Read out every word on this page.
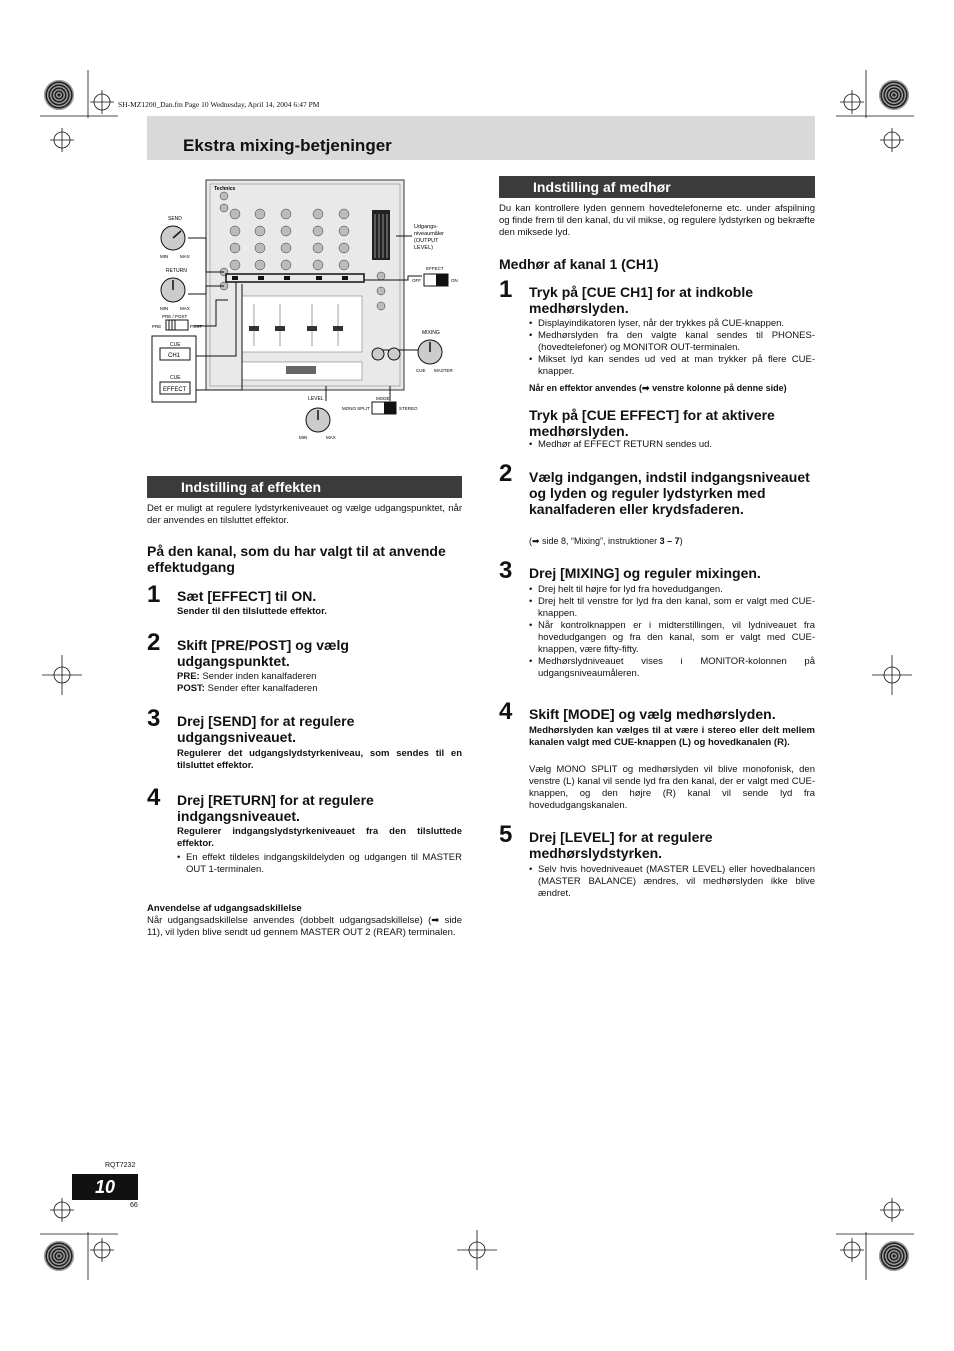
SH-MZ1200_Dan.fm Page 10 Wednesday, April 14, 2004 6:47 PM
Ekstra mixing-betjeninger
Technics
SEND
MIN	MAX
RETURN
MIN	MAX
PRE / POST
PRE	POST
CUE
CH1
CUE
EFFECT
Udgangs- niveaumåler (OUTPUT LEVEL)
EFFECT
OFF	ON
MIXING
CUE MASTER
LEVEL
MIN	MAX
MODE
MONO SPLIT	STEREO
Indstilling af effekten
Det er muligt at regulere lydstyrkeniveauet og vælge udgangspunktet, når der anvendes en tilsluttet effektor.
På den kanal, som du har valgt til at anvende effektudgang
1 Sæt [EFFECT] til ON.
Sender til den tilsluttede effektor.
2 Skift [PRE/POST] og vælg udgangspunktet.
PRE: Sender inden kanalfaderen
POST: Sender efter kanalfaderen
3 Drej [SEND] for at regulere udgangsniveauet.
Regulerer det udgangslydstyrkeniveau, som sendes til en tilsluttet effektor.
4 Drej [RETURN] for at regulere indgangsniveauet.
Regulerer indgangslydstyrkeniveauet fra den tilsluttede effektor.
• En effekt tildeles indgangskildelyden og udgangen til MASTER OUT 1-terminalen.
Anvendelse af udgangsadskillelse
Når udgangsadskillelse anvendes (dobbelt udgangsadskillelse) (➡ side 11), vil lyden blive sendt ud gennem MASTER OUT 2 (REAR) terminalen.
Indstilling af medhør
Du kan kontrollere lyden gennem hovedtelefonerne etc. under afspilning og finde frem til den kanal, du vil mikse, og regulere lydstyrken og bekræfte den miksede lyd.
Medhør af kanal 1 (CH1)
1 Tryk på [CUE CH1] for at indkoble medhørslyden.
• Displayindikatoren lyser, når der trykkes på CUE-knappen.
• Medhørslyden fra den valgte kanal sendes til PHONES- (hovedtelefoner) og MONITOR OUT-terminalen.
• Mikset lyd kan sendes ud ved at man trykker på flere CUE-knapper.
Når en effektor anvendes (➡ venstre kolonne på denne side)
Tryk på [CUE EFFECT] for at aktivere medhørslyden.
• Medhør af EFFECT RETURN sendes ud.
2 Vælg indgangen, indstil indgangsniveauet og lyden og reguler lydstyrken med kanalfaderen eller krydsfaderen.
(➡ side 8, “Mixing”, instruktioner 3 – 7)
3 Drej [MIXING] og reguler mixingen.
• Drej helt til højre for lyd fra hovedudgangen.
• Drej helt til venstre for lyd fra den kanal, som er valgt med CUE-knappen.
• Når kontrolknappen er i midterstillingen, vil lydniveauet fra hovedudgangen og fra den kanal, som er valgt med CUE-knappen, være fifty-fifty.
• Medhørslydniveauet vises i MONITOR-kolonnen på udgangsniveaumåleren.
4 Skift [MODE] og vælg medhørslyden.
Medhørslyden kan vælges til at være i stereo eller delt mellem kanalen valgt med CUE-knappen (L) og hovedkanalen (R).
Vælg MONO SPLIT og medhørslyden vil blive monofonisk, den venstre (L) kanal vil sende lyd fra den kanal, der er valgt med CUE-knappen, og den højre (R) kanal vil sende lyd fra hovedudgangskanalen.
5 Drej [LEVEL] for at regulere medhørslydstyrken.
• Selv hvis hovedniveauet (MASTER LEVEL) eller hovedbalancen (MASTER BALANCE) ændres, vil medhørslyden ikke blive ændret.
RQT7232
10
66
